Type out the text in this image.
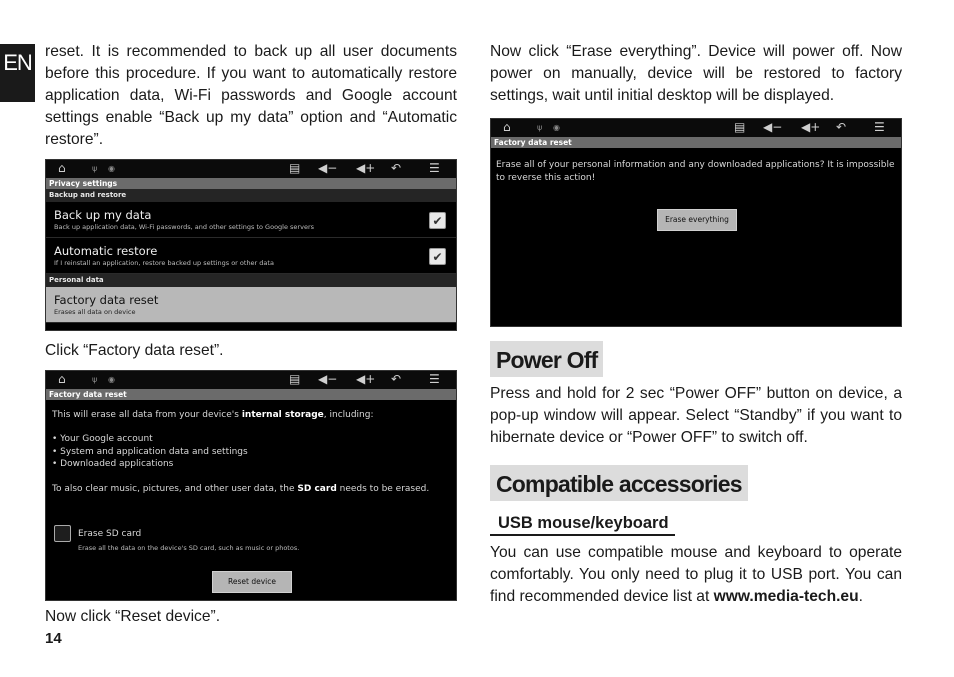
EN reset. It is recommended to back up all user documents before this procedure. If you want to automatically restore application data, Wi-Fi passwords and Google account settings enable “Back up my data” option and “Automatic restore”.

⌂	ψ ◉	▤ ◀− ◀+ ↶ ☰
Privacy settings
Backup and restore
Back up my data
Back up application data, Wi-Fi passwords, and other settings to Google servers	✔
Automatic restore
If I reinstall an application, restore backed up settings or other data	✔
Personal data
Factory data reset
Erases all data on device

Click “Factory data reset”.

⌂	ψ ◉	▤ ◀− ◀+ ↶ ☰
Factory data reset
This will erase all data from your device's internal storage, including:
• Your Google account
• System and application data and settings
• Downloaded applications
To also clear music, pictures, and other user data, the SD card needs to be erased.
Erase SD card
Erase all the data on the device's SD card, such as music or photos.
Reset device

Now click “Reset device”.

14

Now click “Erase everything”. Device will power off. Now power on manually, device will be restored to factory settings, wait until initial desktop will be displayed.

⌂	ψ ◉	▤ ◀− ◀+ ↶ ☰
Factory data reset
Erase all of your personal information and any downloaded applications? It is impossible to reverse this action!
Erase everything
Power Off

Press and hold for 2 sec “Power OFF” button on device, a pop-up window will appear. Select “Standby” if you want to hibernate device or “Power OFF” to switch off.

Compatible accessories
USB mouse/keyboard

You can use compatible mouse and keyboard to operate comfortably. You only need to plug it to USB port. You can find recommended device list at www.media-tech.eu.
